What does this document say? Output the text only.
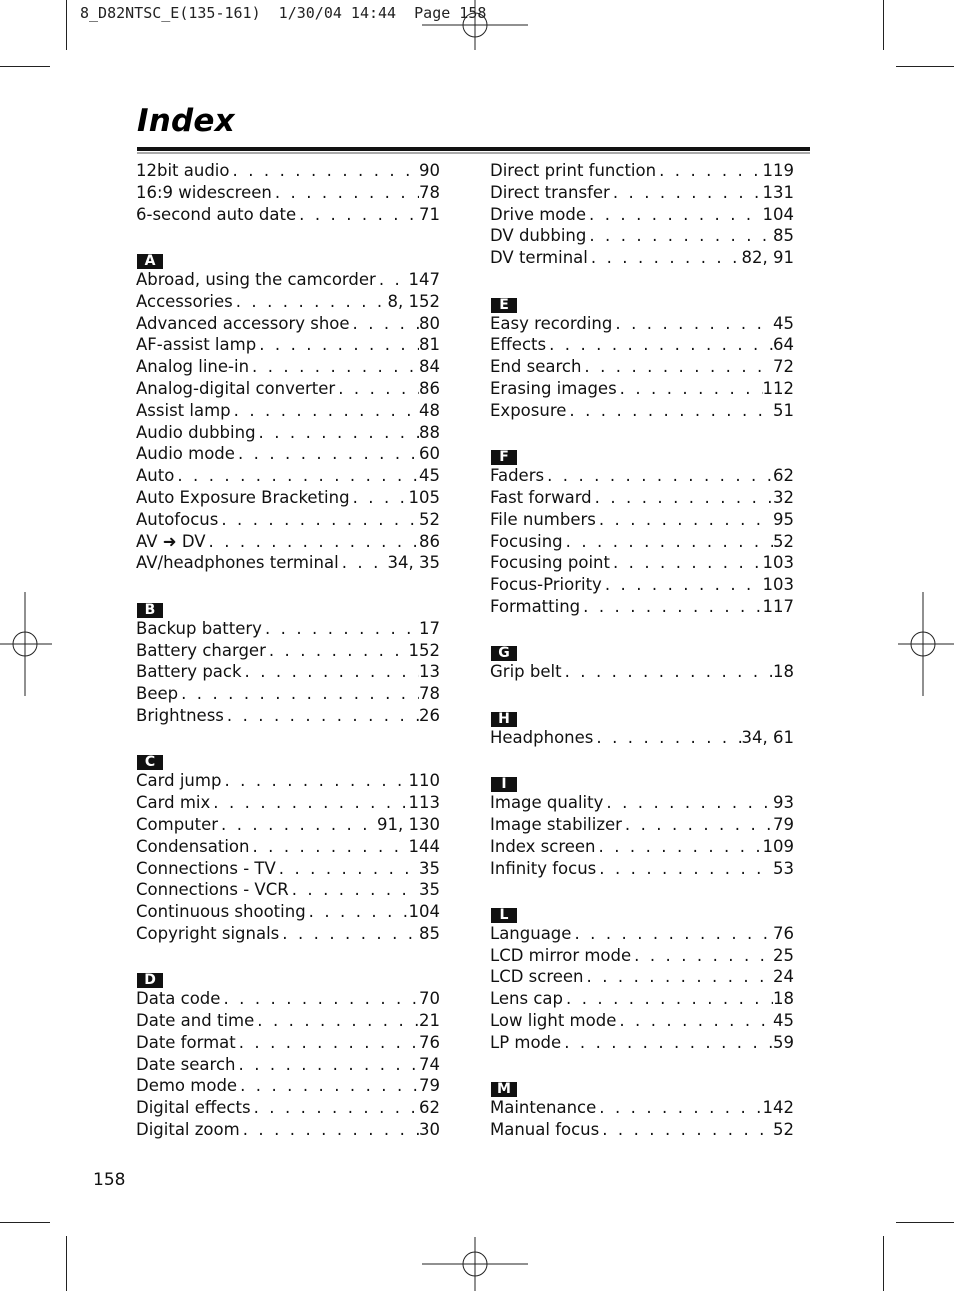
8_D82NTSC_E(135-161)  1/30/04 14:44  Page 158
Index
12bit audio . . .	90
16:9 widescreen . . .	78
6-second auto date . . .	71
A
Abroad, using the camcorder . . . 147
Accessories . . .	8, 152
Advanced accessory shoe . . .	80
AF-assist lamp . . .	81
Analog line-in . . .	84
Analog-digital converter . . .	86
Assist lamp . . .	48
Audio dubbing . . .	88
Audio mode . . .	60
Auto . . .	45
Auto Exposure Bracketing . . .	105
Autofocus . . .	52
AV ➜ DV . . .	86
AV/headphones terminal . . .	34, 35
B
Backup battery . . .	17
Battery charger . . .	152
Battery pack . . .	13
Beep . . .	78
Brightness . . .	26
C
Card jump . . .	110
Card mix . . .	113
Computer . . .	91, 130
Condensation . . .	144
Connections - TV . . .	35
Connections - VCR . . .	35
Continuous shooting . . .	104
Copyright signals . . .	85
D
Data code . . .	70
Date and time . . .	21
Date format . . .	76
Date search . . .	74
Demo mode . . .	79
Digital effects . . .	62
Digital zoom . . .	30
Direct print function . . .	119
Direct transfer . . .	131
Drive mode . . .	104
DV dubbing . . .	85
DV terminal . . .	82, 91
E
Easy recording . . .	45
Effects . . .	64
End search . . .	72
Erasing images . . .	112
Exposure . . .	51
F
Faders . . .	62
Fast forward . . .	32
File numbers . . .	95
Focusing . . .	52
Focusing point . . .	103
Focus-Priority . . .	103
Formatting . . .	117
G
Grip belt . . .	18
H
Headphones . . .	34, 61
I
Image quality . . .	93
Image stabilizer . . .	79
Index screen . . .	109
Infinity focus . . .	53
L
Language . . .	76
LCD mirror mode . . .	25
LCD screen . . .	24
Lens cap . . .	18
Low light mode . . .	45
LP mode . . .	59
M
Maintenance . . .	142
Manual focus . . .	52
158
